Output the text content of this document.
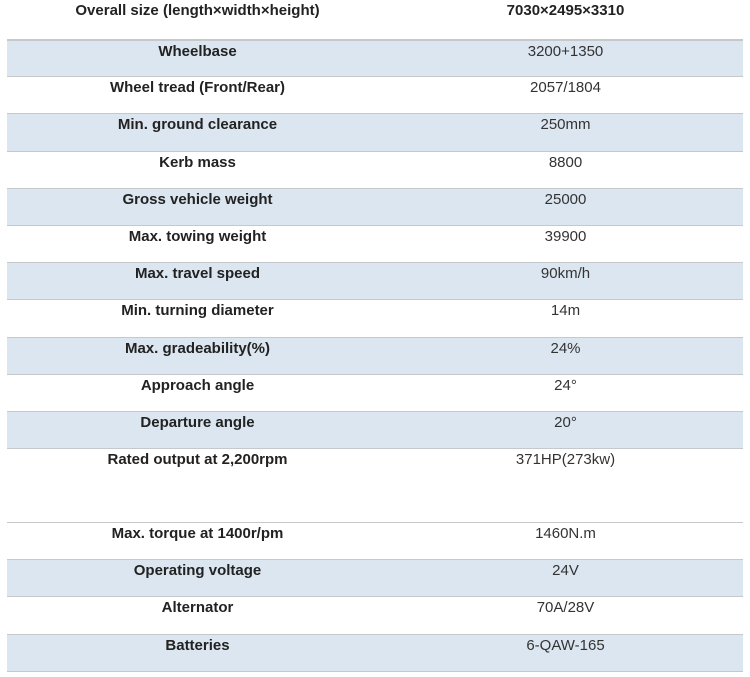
Overall size (length×width×height)	7030×2495×3310
Wheelbase	3200+1350
Wheel tread (Front/Rear)	2057/1804
Min. ground clearance	250mm
Kerb mass	8800
Gross vehicle weight	25000
Max. towing weight	39900
Max. travel speed	90km/h
Min. turning diameter	14m
Max. gradeability(%)	24%
Approach angle	24°
Departure angle	20°
Rated output at 2,200rpm	371HP(273kw)
Max. torque at 1400r/pm	1460N.m
Operating voltage	24V
Alternator	70A/28V
Batteries	6-QAW-165
